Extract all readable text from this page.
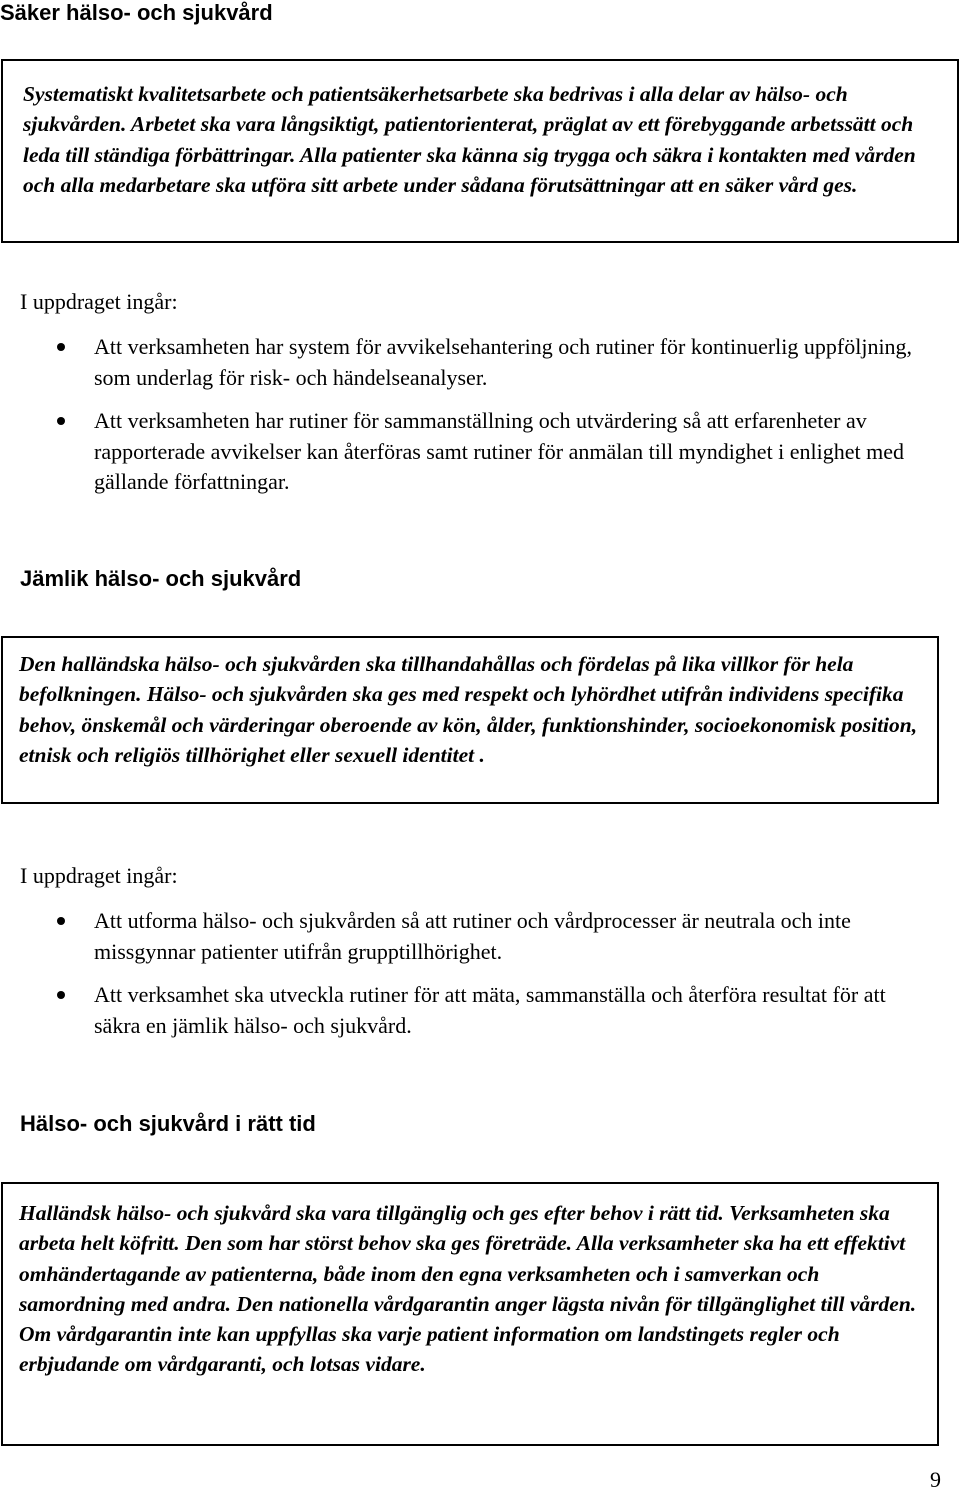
Säker hälso- och sjukvård

Systematiskt kvalitetsarbete och patientsäkerhetsarbete ska bedrivas i alla delar av hälso- och sjukvården. Arbetet ska vara långsiktigt, patientorienterat, präglat av ett förebyggande arbetssätt och leda till ständiga förbättringar. Alla patienter ska känna sig trygga och säkra i kontakten med vården och alla medarbetare ska utföra sitt arbete under sådana förutsättningar att en säker vård ges.

I uppdraget ingår:

Att verksamheten har system för avvikelsehantering och rutiner för kontinuerlig uppföljning, som underlag för risk- och händelseanalyser.
Att verksamheten har rutiner för sammanställning och utvärdering så att erfarenheter av rapporterade avvikelser kan återföras samt rutiner för anmälan till myndighet i enlighet med gällande författningar.
Jämlik hälso- och sjukvård

Den halländska hälso- och sjukvården ska tillhandahållas och fördelas på lika villkor för hela befolkningen. Hälso- och sjukvården ska ges med respekt och lyhördhet utifrån individens specifika behov, önskemål och värderingar oberoende av kön, ålder, funktionshinder, socioekonomisk position, etnisk och religiös tillhörighet eller sexuell identitet .

I uppdraget ingår:

Att utforma hälso- och sjukvården så att rutiner och vårdprocesser är neutrala och inte missgynnar patienter utifrån grupptillhörighet.
Att verksamhet ska utveckla rutiner för att mäta, sammanställa och återföra resultat för att säkra en jämlik hälso- och sjukvård.
Hälso- och sjukvård i rätt tid

Halländsk hälso- och sjukvård ska vara tillgänglig och ges efter behov i rätt tid. Verksamheten ska arbeta helt köfritt. Den som har störst behov ska ges företräde. Alla verksamheter ska ha ett effektivt omhändertagande av patienterna, både inom den egna verksamheten och i samverkan och samordning med andra. Den nationella vårdgarantin anger lägsta nivån för tillgänglighet till vården. Om vårdgarantin inte kan uppfyllas ska varje patient information om landstingets regler och erbjudande om vårdgaranti, och lotsas vidare.

9
